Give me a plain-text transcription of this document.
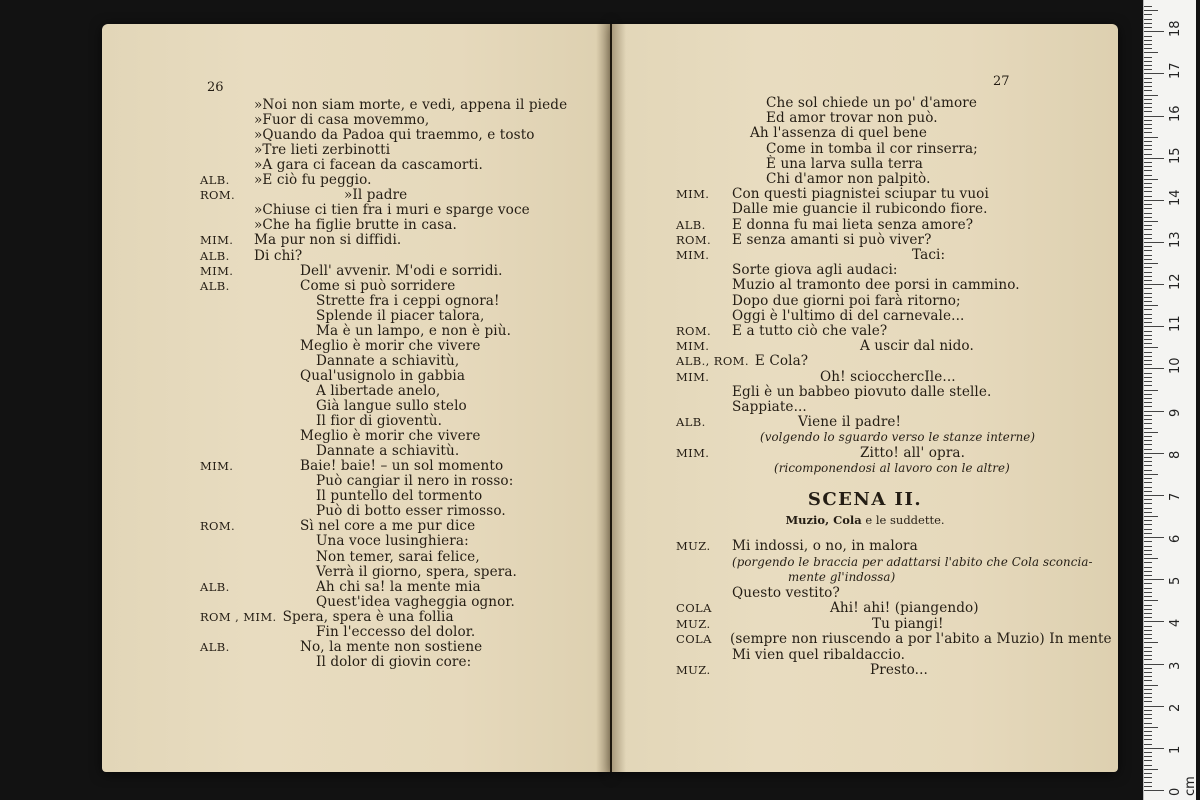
26	27
»Noi non siam morte, e vedi, appena il piede
»Fuor di casa movemmo,
»Quando da Padoa qui traemmo, e tosto
»Tre lieti zerbinotti
»A gara ci facean da cascamorti.
ALB. »E ciò fu peggio.
ROM.	»Il padre
»Chiuse ci tien fra i muri e sparge voce
»Che ha figlie brutte in casa.
MIM. Ma pur non si diffidi.
ALB. Di chi?
MIM.	Dell' avvenir. M'odi e sorridi.
ALB.	Come si può sorridere
Strette fra i ceppi ognora!
Splende il piacer talora,
Ma è un lampo, e non è più.
Meglio è morir che vivere
Dannate a schiavitù,
Qual'usignolo in gabbia
A libertade anelo,
Già langue sullo stelo
Il fior di gioventù.
Meglio è morir che vivere
Dannate a schiavitù.
MIM.	Baie! baie! – un sol momento
Può cangiar il nero in rosso:
Il puntello del tormento
Può di botto esser rimosso.
ROM.	Sì nel core a me pur dice
Una voce lusinghiera:
Non temer, sarai felice,
Verrà il giorno, spera, spera.
ALB.	Ah chi sa! la mente mia
Quest'idea vagheggia ognor.
ROM , MIM. Spera, spera è una follia
Fin l'eccesso del dolor.
ALB.	No, la mente non sostiene
Il dolor di giovin core:
Che sol chiede un po' d'amore
Ed amor trovar non può.
Ah l'assenza di quel bene
Come in tomba il cor rinserra;
È una larva sulla terra
Chi d'amor non palpitò.
MIM. Con questi piagnistei sciupar tu vuoi
Dalle mie guancie il rubicondo fiore.
ALB. E donna fu mai lieta senza amore?
ROM. E senza amanti si può viver?
MIM.	Taci:
Sorte giova agli audaci:
Muzio al tramonto dee porsi in cammino.
Dopo due giorni poi farà ritorno;
Oggi è l'ultimo di del carnevale...
ROM. E a tutto ciò che vale?
MIM.	A uscir dal nido.
ALB., ROM. E Cola?
MIM.	Oh! sciocchercIle...
Egli è un babbeo piovuto dalle stelle.
Sappiate...
ALB.	Viene il padre!
(volgendo lo sguardo verso le stanze interne)
MIM.	Zitto! all' opra.
(ricomponendosi al lavoro con le altre)
SCENA II.
Muzio, Cola e le suddette.
MUZ. Mi indossi, o no, in malora
(porgendo le braccia per adattarsi l'abito che Cola sconcia-
mente gl'indossa)
Questo vestito?
COLA	Ahi! ahi! (piangendo)
MUZ.	Tu piangi!
COLA (sempre non riuscendo a por l'abito a Muzio) In mente
Mi vien quel ribaldaccio.
MUZ.	Presto...
0 cm
1
2
3
4
5
6
7
8
9
10
11
12
13
14
15
16
17
18
